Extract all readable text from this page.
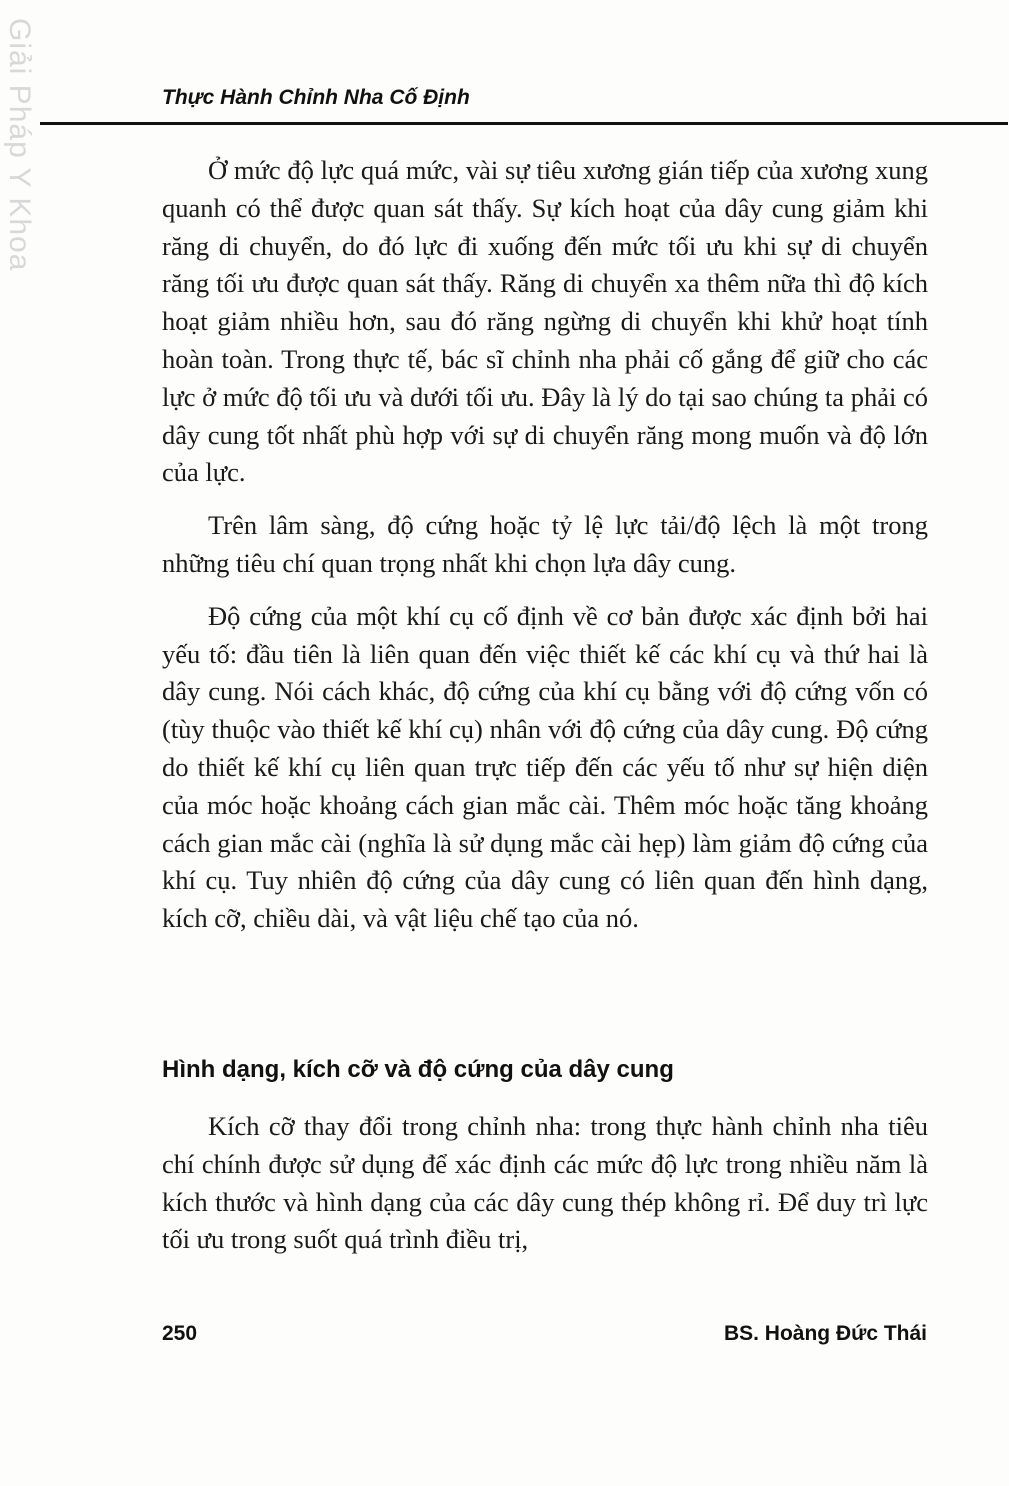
Giải Pháp Y Khoa	Thực Hành Chỉnh Nha Cố Định

Ở mức độ lực quá mức, vài sự tiêu xương gián tiếp của xương xung quanh có thể được quan sát thấy. Sự kích hoạt của dây cung giảm khi răng di chuyển, do đó lực đi xuống đến mức tối ưu khi sự di chuyển răng tối ưu được quan sát thấy. Răng di chuyển xa thêm nữa thì độ kích hoạt giảm nhiều hơn, sau đó răng ngừng di chuyển khi khử hoạt tính hoàn toàn. Trong thực tế, bác sĩ chỉnh nha phải cố gắng để giữ cho các lực ở mức độ tối ưu và dưới tối ưu. Đây là lý do tại sao chúng ta phải có dây cung tốt nhất phù hợp với sự di chuyển răng mong muốn và độ lớn của lực.

Trên lâm sàng, độ cứng hoặc tỷ lệ lực tải/độ lệch là một trong những tiêu chí quan trọng nhất khi chọn lựa dây cung.

Độ cứng của một khí cụ cố định về cơ bản được xác định bởi hai yếu tố: đầu tiên là liên quan đến việc thiết kế các khí cụ và thứ hai là dây cung. Nói cách khác, độ cứng của khí cụ bằng với độ cứng vốn có (tùy thuộc vào thiết kế khí cụ) nhân với độ cứng của dây cung. Độ cứng do thiết kế khí cụ liên quan trực tiếp đến các yếu tố như sự hiện diện của móc hoặc khoảng cách gian mắc cài. Thêm móc hoặc tăng khoảng cách gian mắc cài (nghĩa là sử dụng mắc cài hẹp) làm giảm độ cứng của khí cụ. Tuy nhiên độ cứng của dây cung có liên quan đến hình dạng, kích cỡ, chiều dài, và vật liệu chế tạo của nó.

Hình dạng, kích cỡ và độ cứng của dây cung

Kích cỡ thay đổi trong chỉnh nha: trong thực hành chỉnh nha tiêu chí chính được sử dụng để xác định các mức độ lực trong nhiều năm là kích thước và hình dạng của các dây cung thép không rỉ. Để duy trì lực tối ưu trong suốt quá trình điều trị,

250	BS. Hoàng Đức Thái
